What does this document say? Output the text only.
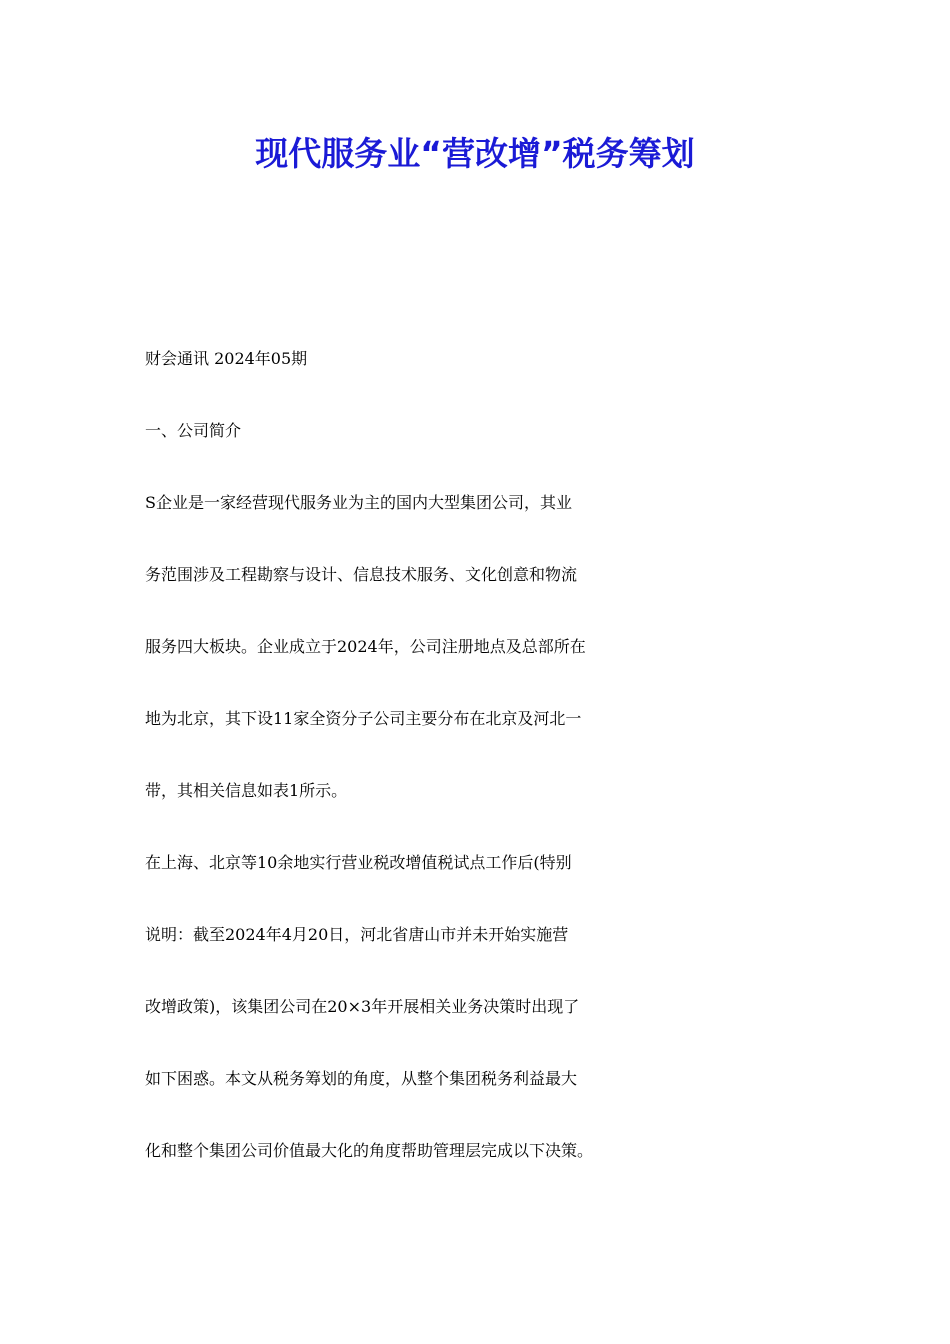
现代服务业“营改增”税务筹划
财会通讯 2024年05期
一、公司简介
S企业是一家经营现代服务业为主的国内大型集团公司，其业
务范围涉及工程勘察与设计、信息技术服务、文化创意和物流
服务四大板块。企业成立于2024年，公司注册地点及总部所在
地为北京，其下设11家全资分子公司主要分布在北京及河北一
带，其相关信息如表1所示。
在上海、北京等10余地实行营业税改增值税试点工作后(特别
说明：截至2024年4月20日，河北省唐山市并未开始实施营
改增政策)，该集团公司在20×3年开展相关业务决策时出现了
如下困惑。本文从税务筹划的角度，从整个集团税务利益最大
化和整个集团公司价值最大化的角度帮助管理层完成以下决策。
